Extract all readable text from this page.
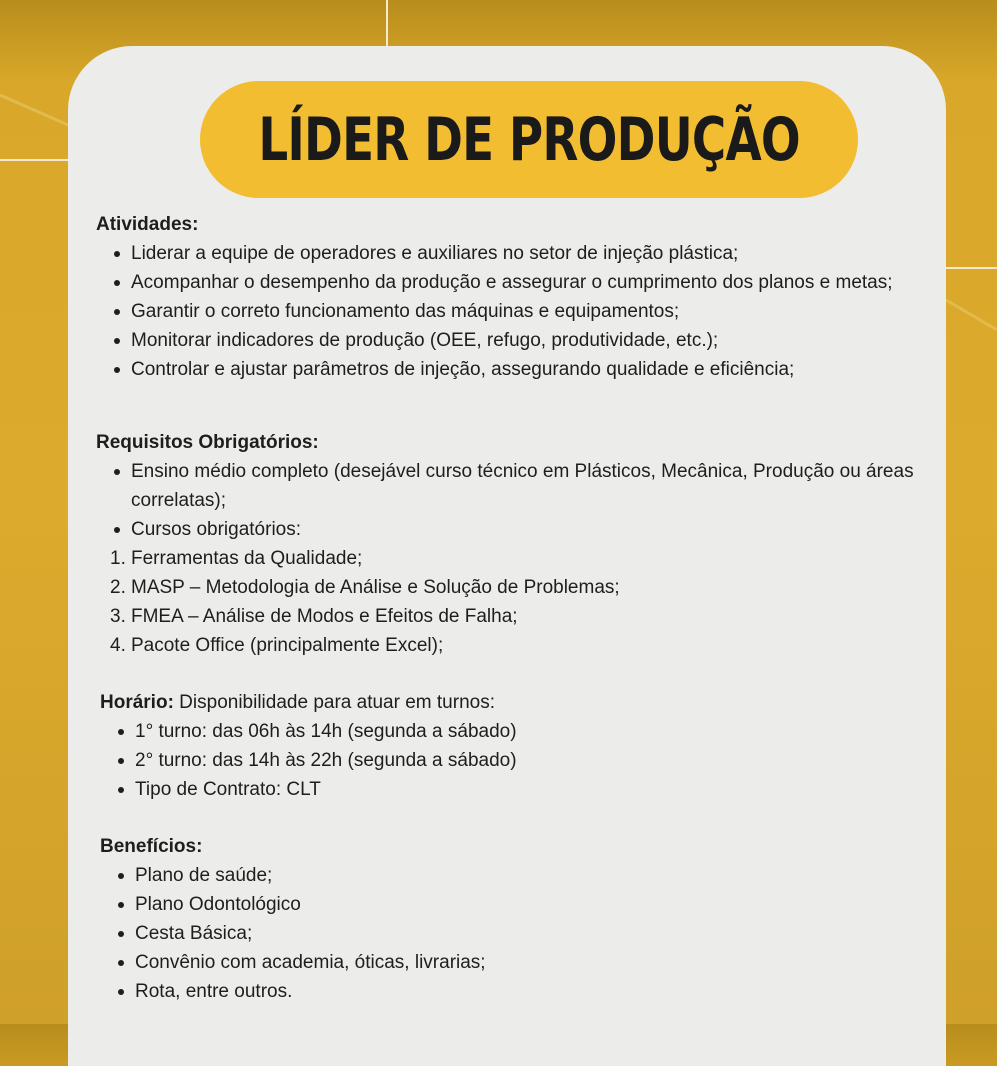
LÍDER DE PRODUÇÃO

Atividades:

Liderar a equipe de operadores e auxiliares no setor de injeção plástica;
Acompanhar o desempenho da produção e assegurar o cumprimento dos planos e metas;
Garantir o correto funcionamento das máquinas e equipamentos;
Monitorar indicadores de produção (OEE, refugo, produtividade, etc.);
Controlar e ajustar parâmetros de injeção, assegurando qualidade e eficiência;

Requisitos Obrigatórios:

Ensino médio completo (desejável curso técnico em Plásticos, Mecânica, Produção ou áreas correlatas);
Cursos obrigatórios:
1. Ferramentas da Qualidade;
2. MASP – Metodologia de Análise e Solução de Problemas;
3. FMEA – Análise de Modos e Efeitos de Falha;
4. Pacote Office (principalmente Excel);

Horário: Disponibilidade para atuar em turnos:

1° turno: das 06h às 14h (segunda a sábado)
2° turno: das 14h às 22h (segunda a sábado)
Tipo de Contrato: CLT

Benefícios:

Plano de saúde;
Plano Odontológico
Cesta Básica;
Convênio com academia, óticas, livrarias;
Rota, entre outros.
